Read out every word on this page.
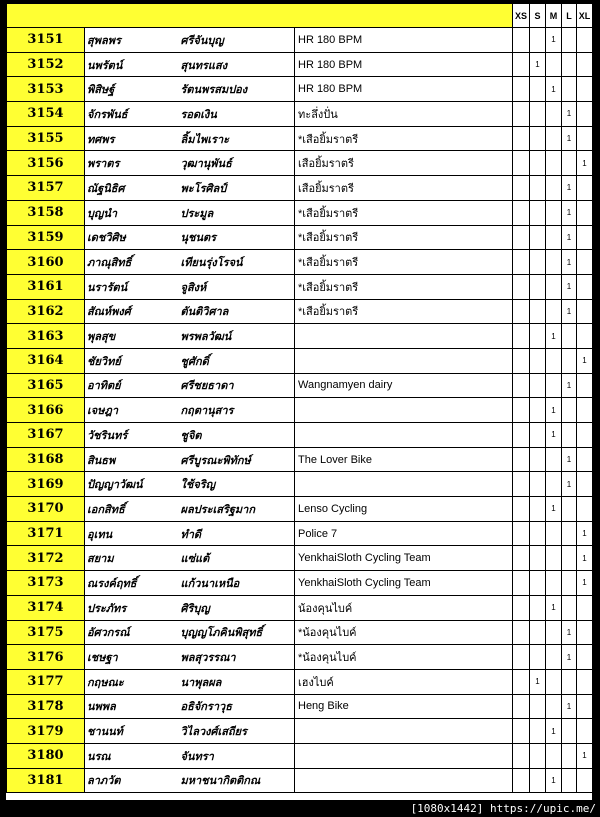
				XS	S	M	L	XL
3151	สุพลพร	ศรีจันบุญ	HR 180 BPM			1		
3152	นพรัตน์	สุนทรแสง	HR 180 BPM		1			
3153	พิสิษฐ์	รัตนพรสมปอง	HR 180 BPM			1		
3154	จักรพันธ์	รอดเงิน	ทะลึ่งปั่น				1	
3155	ทศพร	ลิ้มไพเราะ	*เสือยิ้มราตรี				1	
3156	พราตร	วุฒานุพันธ์	เสือยิ้มราตรี					1
3157	ณัฐนิธิศ	พะโรศิลป์	เสือยิ้มราตรี				1	
3158	บุญนำ	ประมูล	*เสือยิ้มราตรี				1	
3159	เดชวิศิษ	นุชนตร	*เสือยิ้มราตรี				1	
3160	ภาณุสิทธิ์	เทียนรุ่งโรจน์	*เสือยิ้มราตรี				1	
3161	นรารัตน์	จูสิงห์	*เสือยิ้มราตรี				1	
3162	สัณห์พงศ์	ตันติวิศาล	*เสือยิ้มราตรี				1	
3163	พุลสุข	พรพลวัฒน์				1		
3164	ชัยวิทย์	ชูศักดิ์						1
3165	อาทิตย์	ศรีชยธาดา	Wangnamyen dairy				1	
3166	เจษฎา	กฤตานุสาร				1		
3167	วัชรินทร์	ชูจิต				1		
3168	สินธพ	ศรีบูรณะพิทักษ์	The Lover Bike				1	
3169	ปัญญาวัฒน์	ใช้จริญ					1	
3170	เอกสิทธิ์	ผลประเสริฐมาก	Lenso Cycling			1		
3171	อุเทน	ทำดี	Police 7					1
3172	สยาม	แซ่แต้	YenkhaiSloth Cycling Team					1
3173	ณรงค์ฤทธิ์	แก้วนาเหนือ	YenkhaiSloth Cycling Team					1
3174	ประภัทร	ศิริบุญ	น้องคุนไบค์			1		
3175	อัศวกรณ์	บุญญโภคินพิสุทธิ์	*น้องคุนไบค์				1	
3176	เชษฐา	พลสุวรรณา	*น้องคุนไบค์				1	
3177	กฤษณะ	นาพุลผล	เฮงไบค์		1			
3178	นพพล	อธิจักราวุธ	Heng Bike				1	
3179	ชานนท์	วิไลวงศ์เสถียร				1		
3180	นรณ	จันทรา						1
3181	ลาภวัต	มหาชนากิตติกณ				1		
[1080x1442] https://upic.me/
